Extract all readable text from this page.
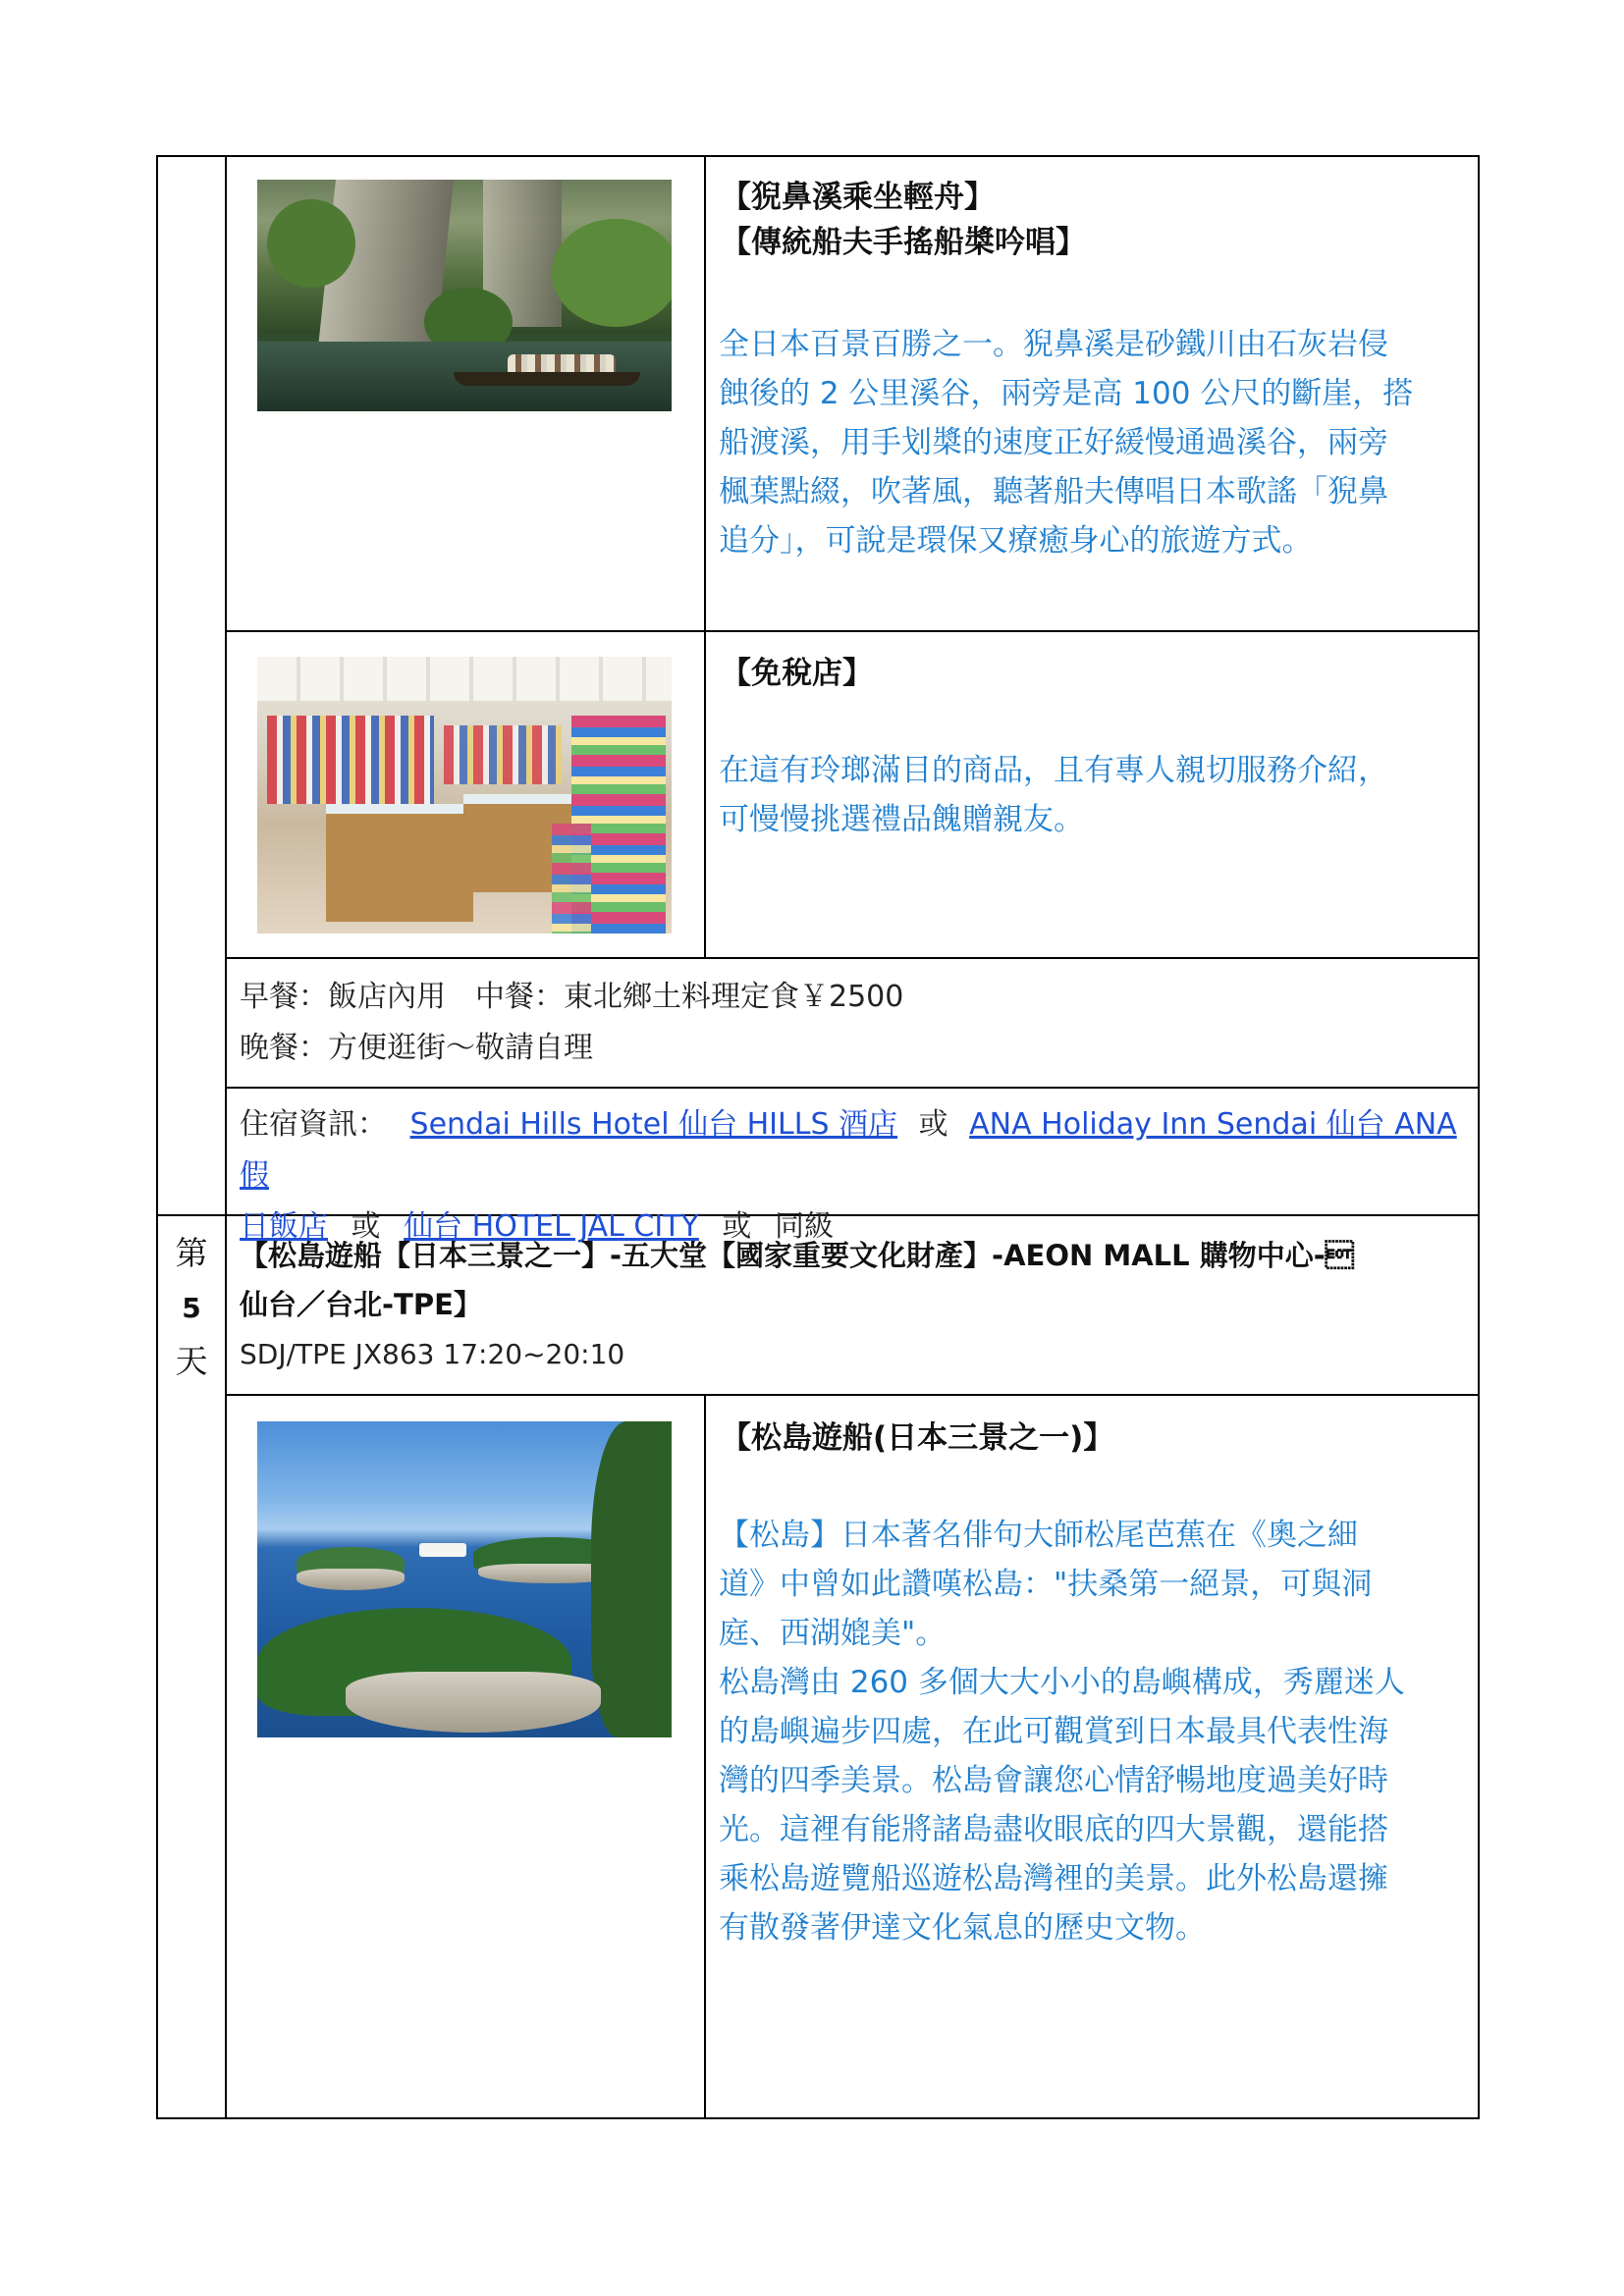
【猊鼻溪乘坐輕舟】
【傳統船夫手搖船槳吟唱】
全日本百景百勝之一。猊鼻溪是砂鐵川由石灰岩侵
蝕後的 2 公里溪谷，兩旁是高 100 公尺的斷崖，搭
船渡溪，用手划槳的速度正好緩慢通過溪谷，兩旁
楓葉點綴，吹著風，聽著船夫傳唱日本歌謠「猊鼻
追分」，可說是環保又療癒身心的旅遊方式。
【免稅店】
在這有玲瑯滿目的商品，且有專人親切服務介紹，
可慢慢挑選禮品餽贈親友。
早餐：飯店內用　中餐：東北鄉土料理定食￥2500
晚餐：方便逛街～敬請自理
住宿資訊： Sendai Hills Hotel 仙台 HILLS 酒店 或 ANA Holiday Inn Sendai 仙台 ANA 假
日飯店 或 仙台 HOTEL JAL CITY 或 同級
第
5
天
【松島遊船【日本三景之一】-五大堂【國家重要文化財產】-AEON MALL 購物中心-
仙台／台北-TPE】
SDJ/TPE JX863 17:20~20:10
【松島遊船(日本三景之一)】
【松島】日本著名俳句大師松尾芭蕉在《奧之細
道》中曾如此讚嘆松島："扶桑第一絕景，可與洞
庭、西湖媲美"。
松島灣由 260 多個大大小小的島嶼構成，秀麗迷人
的島嶼遍步四處，在此可觀賞到日本最具代表性海
灣的四季美景。松島會讓您心情舒暢地度過美好時
光。這裡有能將諸島盡收眼底的四大景觀，還能搭
乘松島遊覽船巡遊松島灣裡的美景。此外松島還擁
有散發著伊達文化氣息的歷史文物。
